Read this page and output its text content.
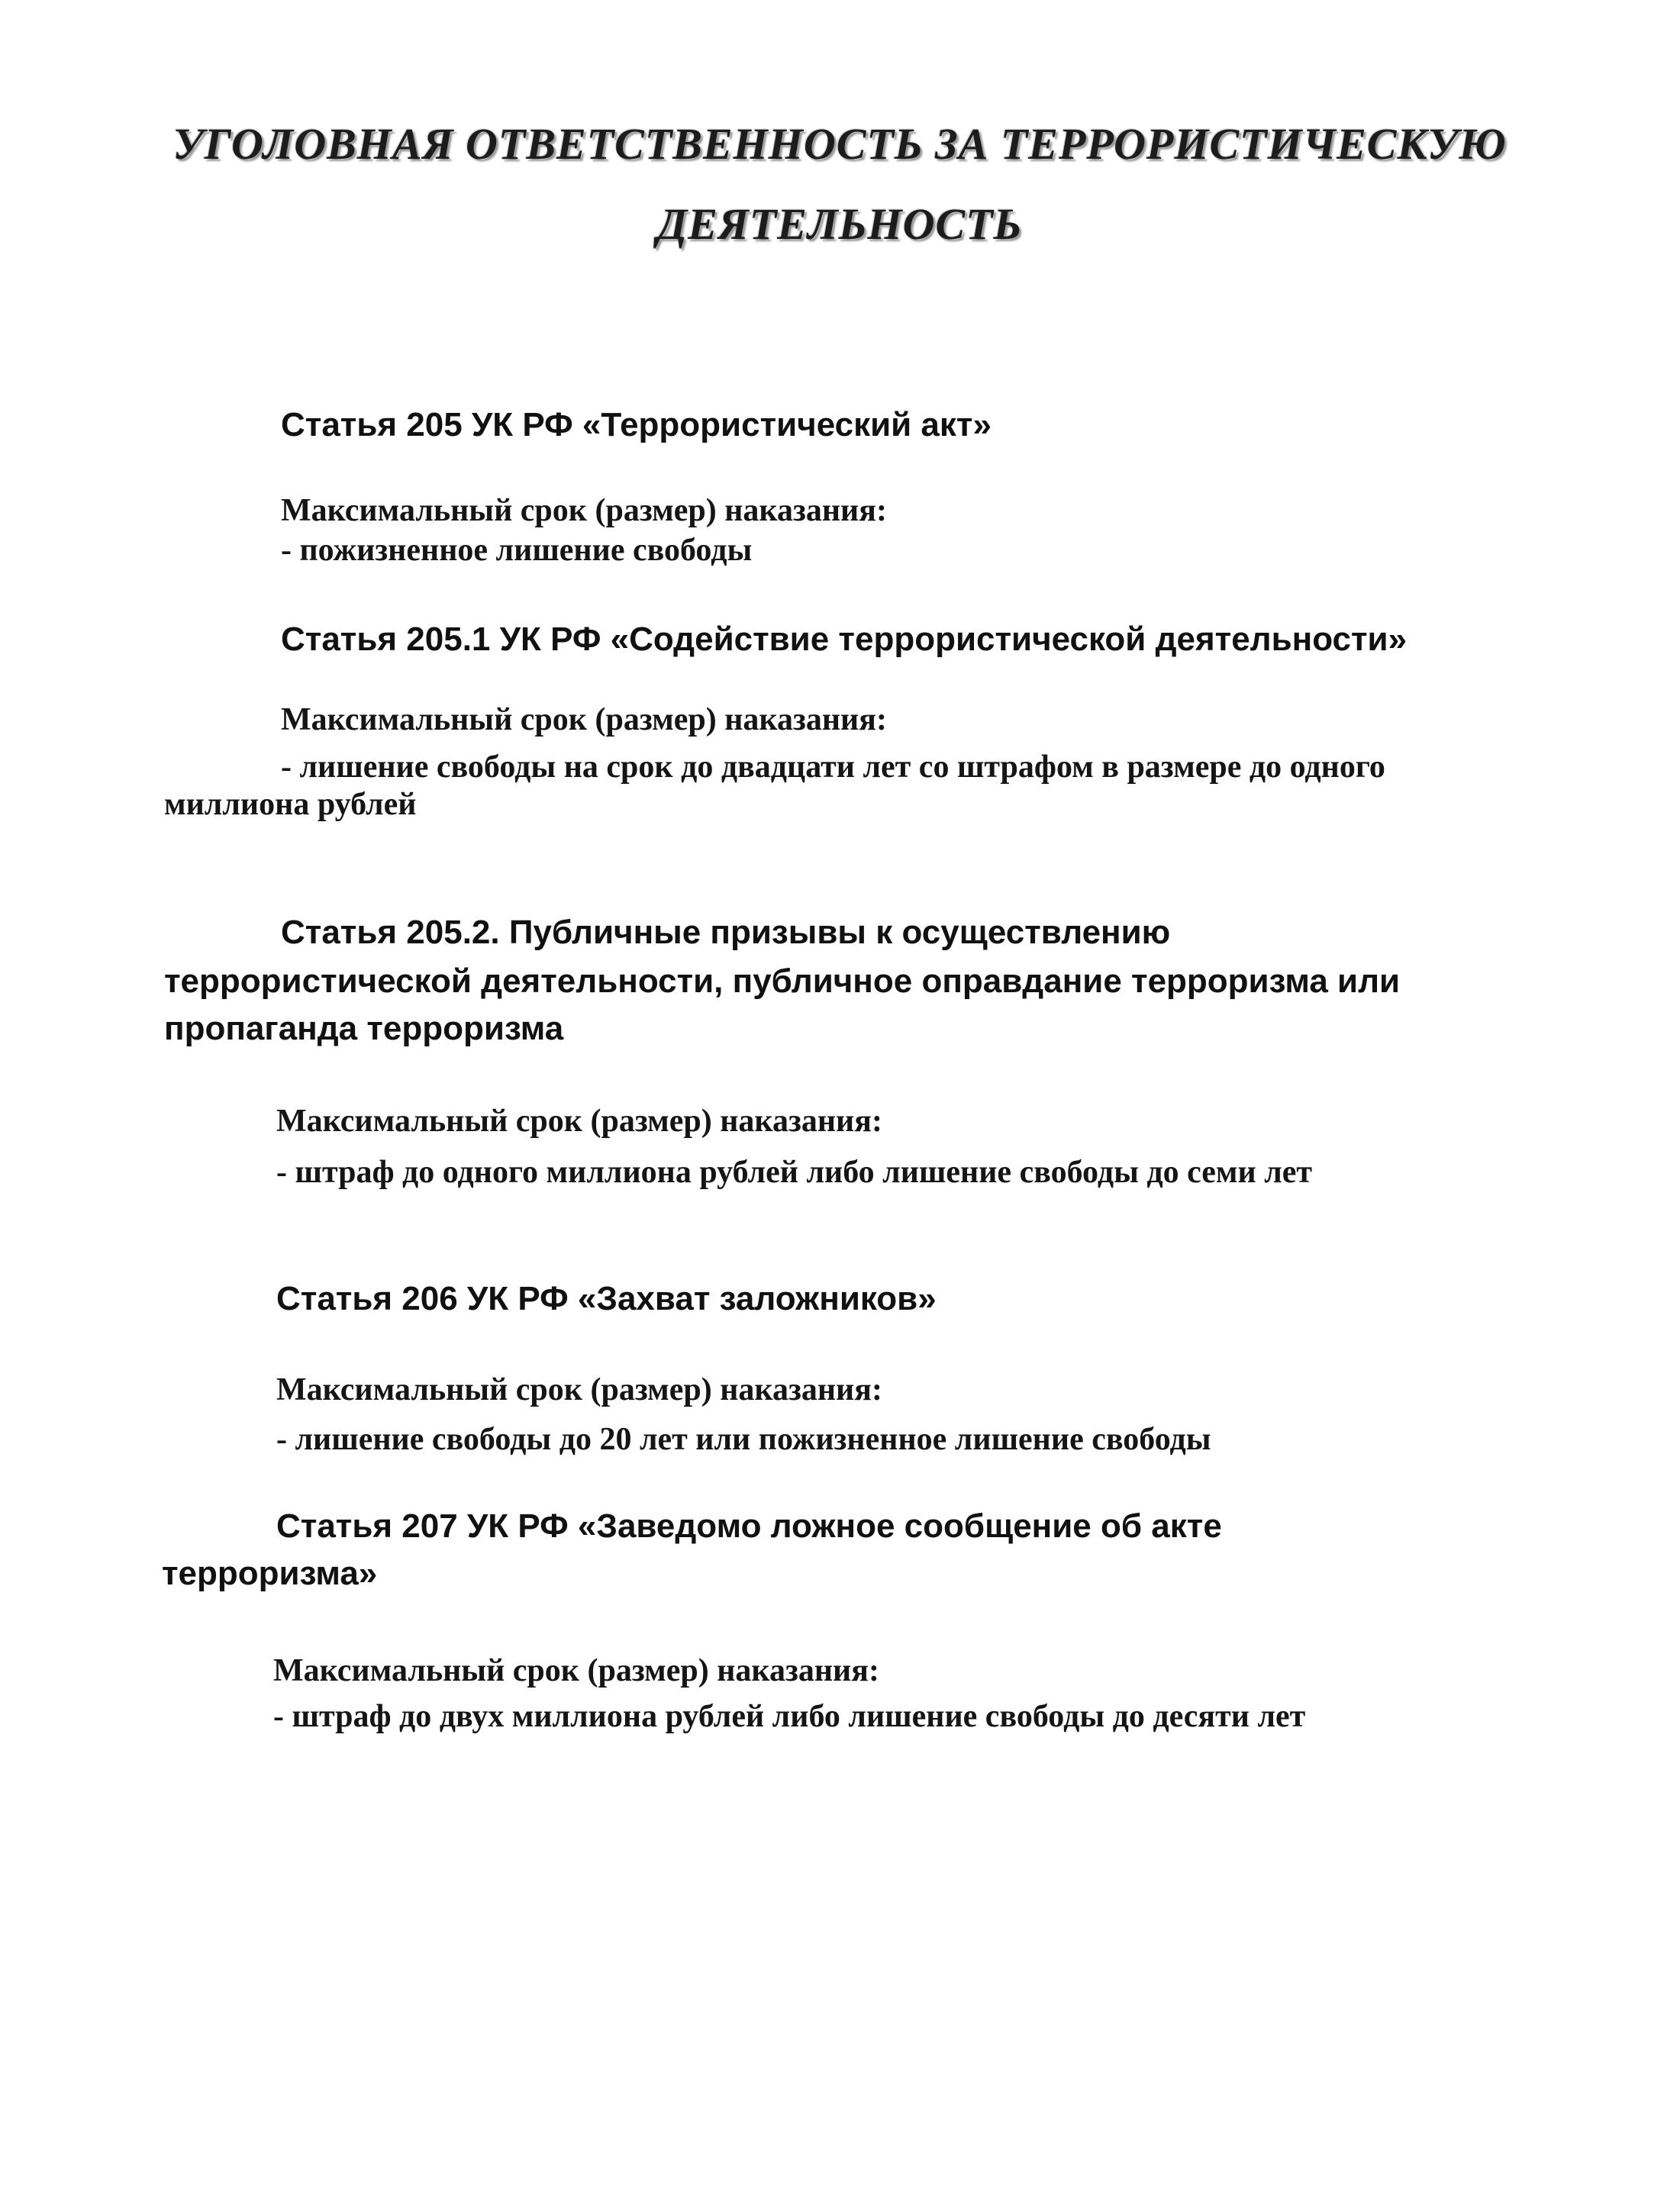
УГОЛОВНАЯ ОТВЕТСТВЕННОСТЬ ЗА ТЕРРОРИСТИЧЕСКУЮ
ДЕЯТЕЛЬНОСТЬ
Статья 205 УК РФ «Террористический акт»
Максимальный срок (размер) наказания:
- пожизненное лишение свободы
Статья 205.1 УК РФ «Содействие террористической деятельности»
Максимальный срок (размер) наказания:
- лишение свободы на срок до двадцати лет со штрафом в размере до одного
миллиона рублей
Статья 205.2. Публичные призывы к осуществлению
террористической деятельности, публичное оправдание терроризма или
пропаганда терроризма
Максимальный срок (размер) наказания:
- штраф до одного миллиона рублей либо лишение свободы до семи лет
Статья 206 УК РФ «Захват заложников»
Максимальный срок (размер) наказания:
- лишение свободы до 20 лет или пожизненное лишение свободы
Статья 207 УК РФ «Заведомо ложное сообщение об акте
терроризма»
Максимальный срок (размер) наказания:
- штраф до двух миллиона рублей либо лишение свободы до десяти лет
